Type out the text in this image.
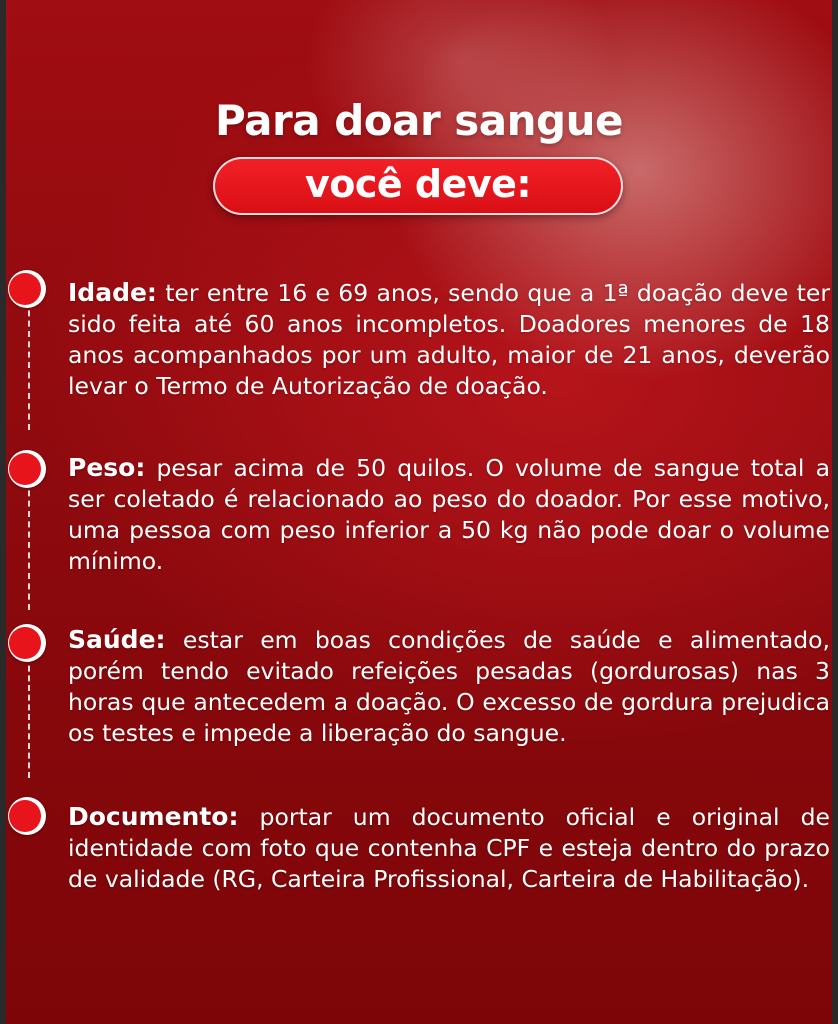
Para doar sangue
você deve:

Idade: ter entre 16 e 69 anos, sendo que a 1ª doação deve ter sido feita até 60 anos incompletos. Doadores menores de 18 anos acompanhados por um adulto, maior de 21 anos, deverão levar o Termo de Autorização de doação.

Peso: pesar acima de 50 quilos. O volume de sangue total a ser coletado é relacionado ao peso do doador. Por esse motivo, uma pessoa com peso inferior a 50 kg não pode doar o volume mínimo.

Saúde: estar em boas condições de saúde e alimentado, porém tendo evitado refeições pesadas (gordurosas) nas 3 horas que antecedem a doação. O excesso de gordura prejudica os testes e impede a liberação do sangue.

Documento: portar um documento oficial e original de identidade com foto que contenha CPF e esteja dentro do prazo de validade (RG, Carteira Profissional, Carteira de Habilitação).
